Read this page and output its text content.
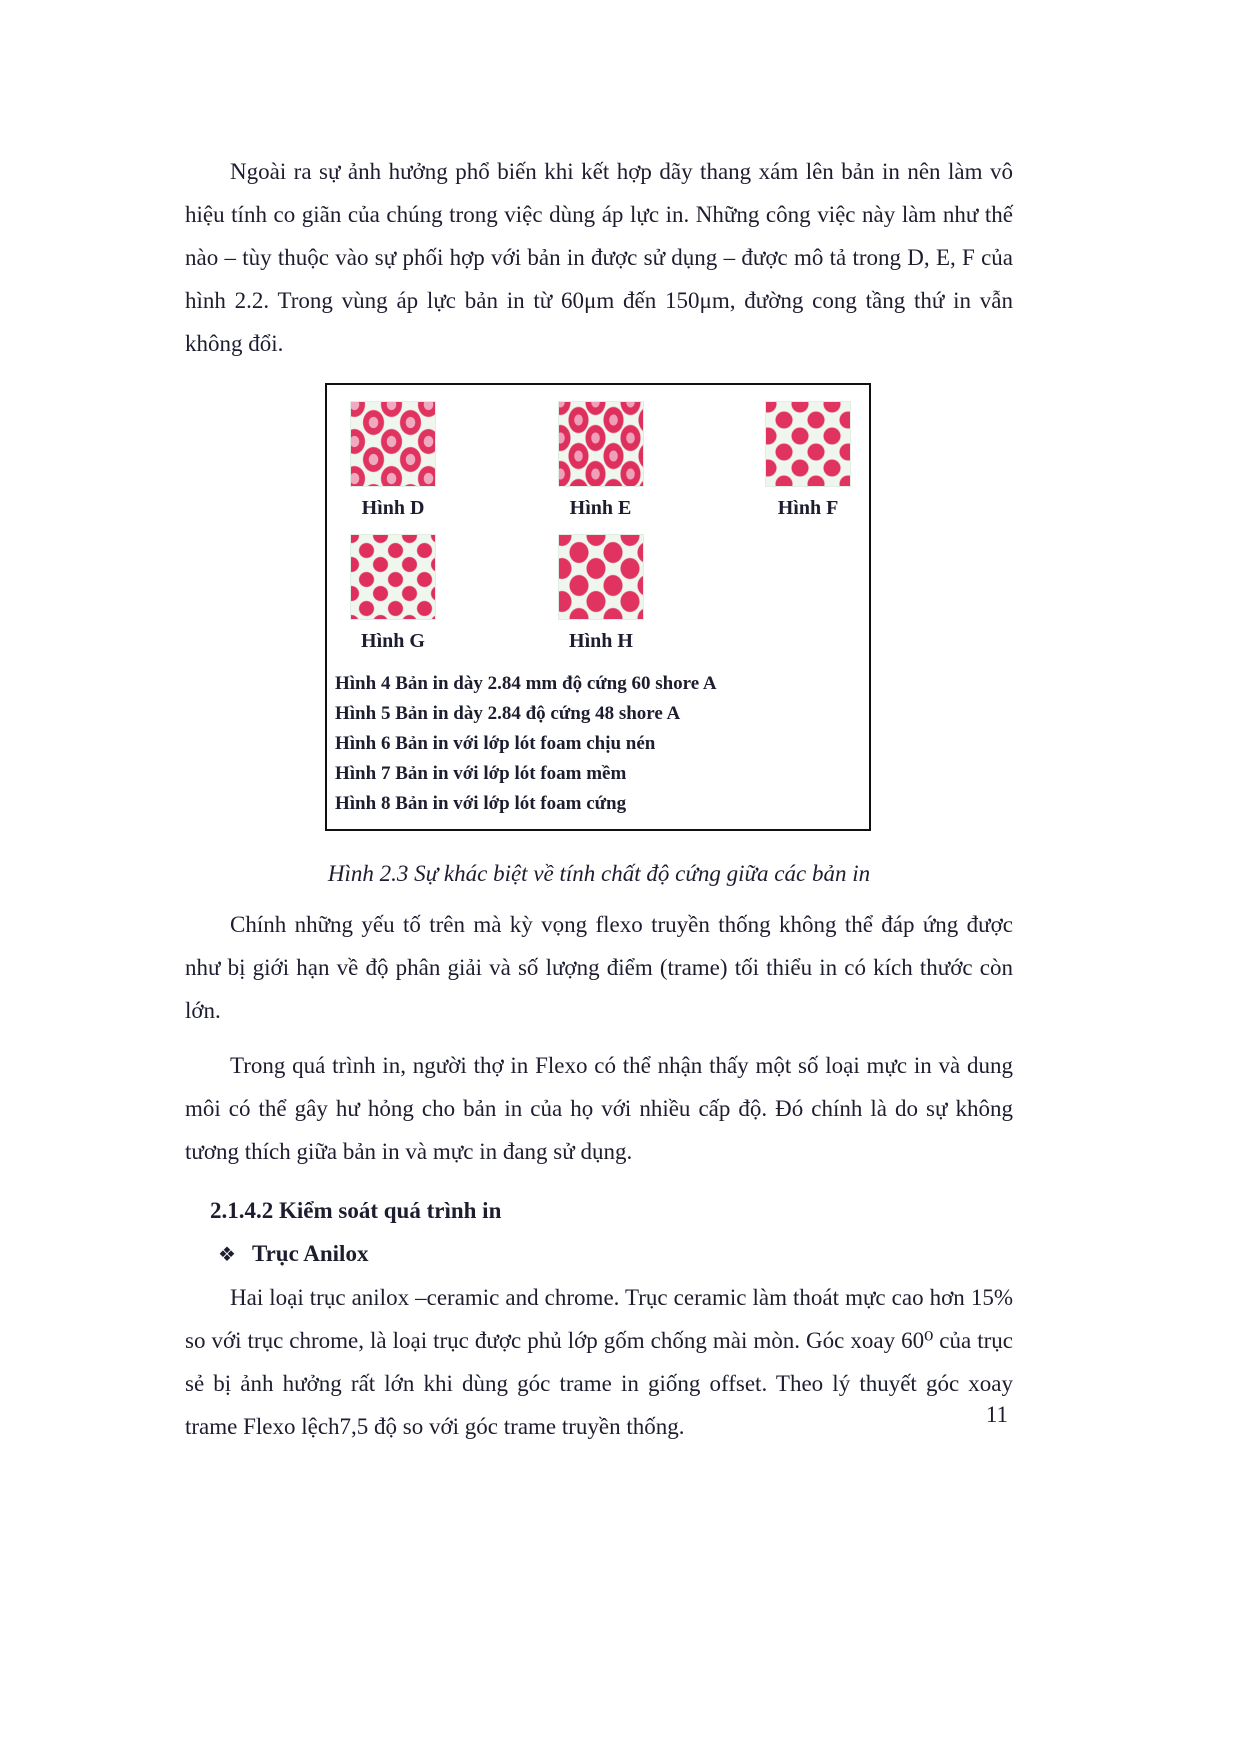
Ngoài ra sự ảnh hưởng phổ biến khi kết hợp dãy thang xám lên bản in nên làm vô hiệu tính co giãn của chúng trong việc dùng áp lực in. Những công việc này làm như thế nào – tùy thuộc vào sự phối hợp với bản in được sử dụng – được mô tả trong D, E, F của hình 2.2. Trong vùng áp lực bản in từ 60μm đến 150μm, đường cong tầng thứ in vẫn không đổi.

Hình D	Hình E	Hình F
Hình G	Hình H
Hình 4 Bản in dày 2.84 mm độ cứng 60 shore A
Hình 5 Bản in dày 2.84 độ cứng 48 shore A
Hình 6 Bản in với lớp lót foam chịu nén
Hình 7 Bản in với lớp lót foam mềm
Hình 8 Bản in với lớp lót foam cứng
Hình 2.3 Sự khác biệt về tính chất độ cứng giữa các bản in

Chính những yếu tố trên mà kỳ vọng flexo truyền thống không thể đáp ứng được như bị giới hạn về độ phân giải và số lượng điểm (trame) tối thiểu in có kích thước còn lớn.

Trong quá trình in, người thợ in Flexo có thể nhận thấy một số loại mực in và dung môi có thể gây hư hỏng cho bản in của họ với nhiều cấp độ. Đó chính là do sự không tương thích giữa bản in và mực in đang sử dụng.

2.1.4.2 Kiểm soát quá trình in
❖ Trục Anilox

Hai loại trục anilox –ceramic and chrome. Trục ceramic làm thoát mực cao hơn 15% so với trục chrome, là loại trục được phủ lớp gốm chống mài mòn. Góc xoay 60⁰ của trục sẻ bị ảnh hưởng rất lớn khi dùng góc trame in giống offset. Theo lý thuyết góc xoay trame Flexo lệch7,5 độ so với góc trame truyền thống.	11
